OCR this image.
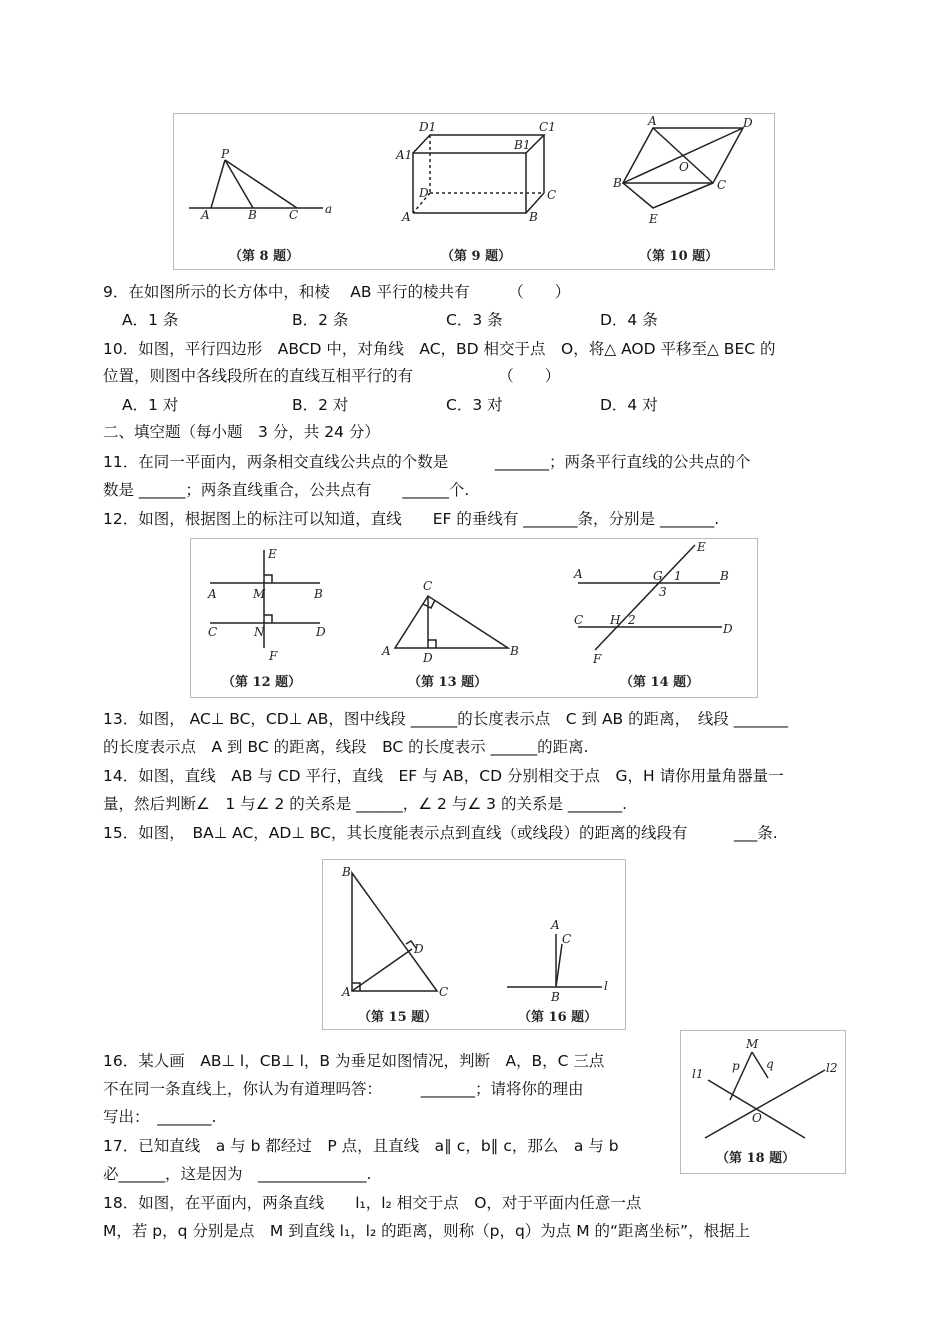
P
A	B	C a
（第 8 题）
D1	C1
A1
B1
D	C
A	B
（第 9 题）
A	D
O
B	C
E
（第 10 题）
9．在如图所示的长方体中，和棱　 AB 平行的棱共有　　　（　　）
A．1 条	B．2 条	C．3 条	D．4 条
10．如图，平行四边形　ABCD 中，对角线　AC，BD 相交于点　O，将△ AOD 平移至△ BEC 的
位置，则图中各线段所在的直线互相平行的有　　　　　　（　　）
A．1 对	B．2 对	C．3 对	D．4 对
二、填空题（每小题　3 分，共 24 分）
11．在同一平面内，两条相交直线公共点的个数是　　　_______；两条平行直线的公共点的个
数是 ______；两条直线重合，公共点有　　______个.
12．如图，根据图上的标注可以知道，直线　　EF 的垂线有 _______条，分别是 _______.
E
A	M	B
C	N	D
F
（第 12 题）
C
A	D	B
（第 13 题）
E
A	G 1	B
3
C H 2
D
F
（第 14 题）
13．如图， AC⊥ BC，CD⊥ AB，图中线段 ______的长度表示点　C 到 AB 的距离，　线段 _______
的长度表示点　A 到 BC 的距离，线段　BC 的长度表示 ______的距离.
14．如图，直线　AB 与 CD 平行，直线　EF 与 AB，CD 分别相交于点　G，H 请你用量角器量一
量，然后判断∠　1 与∠ 2 的关系是 ______，∠ 2 与∠ 3 的关系是 _______.
15．如图，　BA⊥ AC，AD⊥ BC，其长度能表示点到直线（或线段）的距离的线段有　　　___条.
B
D
A	C
（第 15 题）
A
C
l
B
（第 16 题）
M
p q
l1	l2
O
（第 18 题）
16．某人画　AB⊥ l，CB⊥ l，B 为垂足如图情况，判断　A，B，C 三点
不在同一条直线上，你认为有道理吗答：　　　_______；请将你的理由
写出：　_______.
17．已知直线　a 与 b 都经过　P 点，且直线　a∥ c，b∥ c，那么　a 与 b
必______，这是因为　______________.
18．如图，在平面内，两条直线　　l₁，l₂ 相交于点　O，对于平面内任意一点
M，若 p，q 分别是点　M 到直线 l₁，l₂ 的距离，则称（p，q）为点 M 的“距离坐标”，根据上
